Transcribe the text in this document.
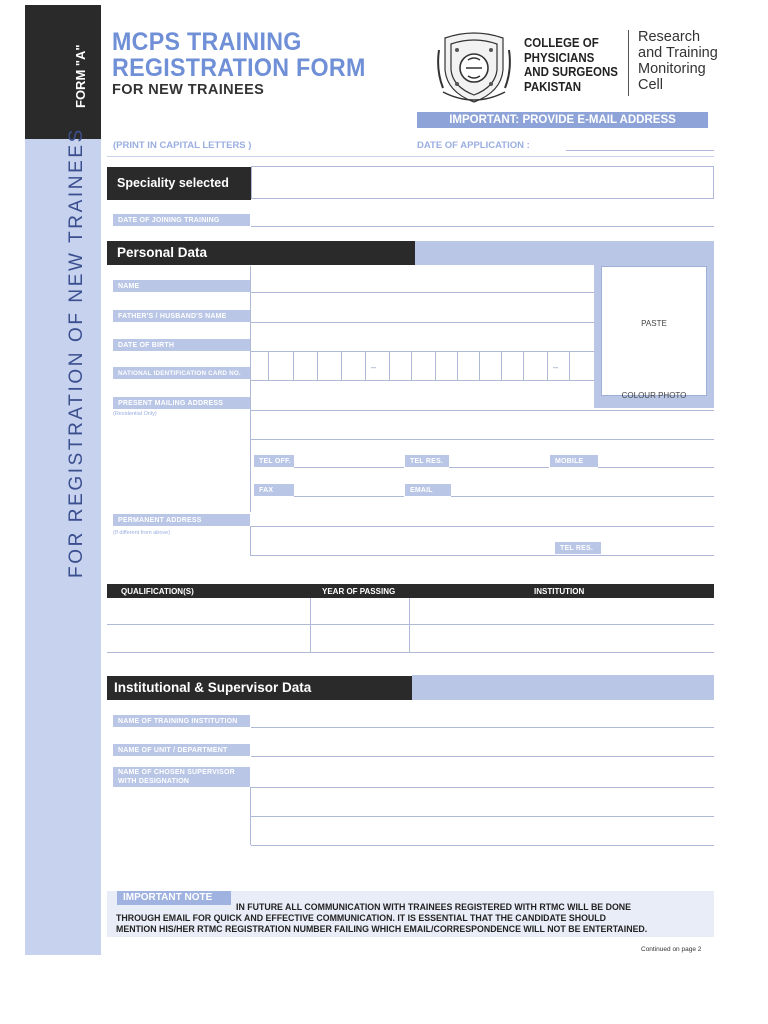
FORM "A"
FOR REGISTRATION OF NEW TRAINEES
MCPS TRAINING
REGISTRATION FORM
FOR NEW TRAINEES
COLLEGE OF
PHYSICIANS
AND SURGEONS
PAKISTAN
Research
and Training
Monitoring
Cell
IMPORTANT: PROVIDE E-MAIL ADDRESS
(PRINT IN CAPITAL LETTERS )	DATE OF APPLICATION :
Speciality selected
DATE OF JOINING TRAINING
Personal Data
PASTE

COLOUR PHOTO
NAME
FATHER'S / HUSBAND'S NAME
DATE OF BIRTH
NATIONAL IDENTIFICATION CARD NO.
–	–
PRESENT MAILING ADDRESS
(Residential Only)
TEL OFF.	TEL RES.	MOBILE
FAX	EMAIL
PERMANENT ADDRESS
(If different from above)
TEL RES.
QUALIFICATION(S)	YEAR OF PASSING	INSTITUTION
Institutional & Supervisor Data
NAME OF TRAINING INSTITUTION
NAME OF UNIT / DEPARTMENT
NAME OF CHOSEN SUPERVISOR
WITH DESIGNATION
IMPORTANT NOTE
IN FUTURE ALL COMMUNICATION WITH TRAINEES REGISTERED WITH RTMC WILL BE DONE
THROUGH EMAIL FOR QUICK AND EFFECTIVE COMMUNICATION. IT IS ESSENTIAL THAT THE CANDIDATE SHOULD
MENTION HIS/HER RTMC REGISTRATION NUMBER FAILING WHICH EMAIL/CORRESPONDENCE WILL NOT BE ENTERTAINED.
Continued on page 2
